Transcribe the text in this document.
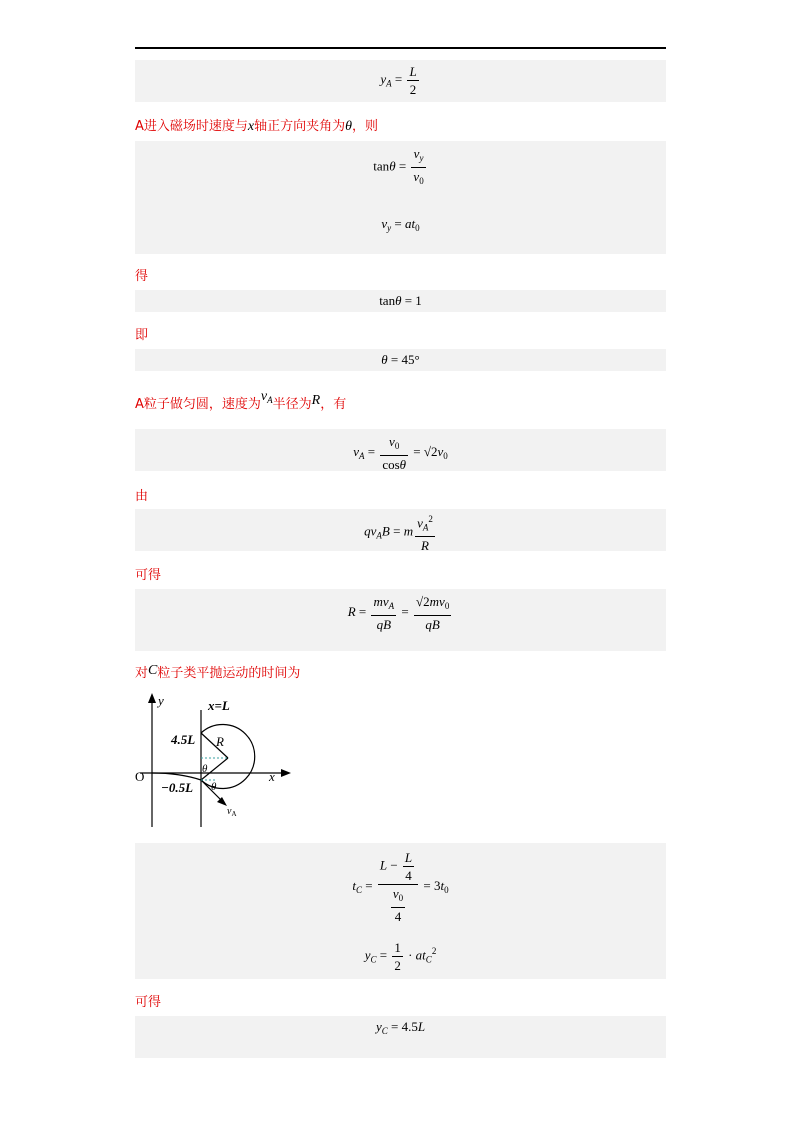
$y_A = \frac{L}{2}$
A进入磁场时速度与x轴正方向夹角为θ，则
$\tan\theta = \frac{v_y}{v_0}$
$v_y = at_0$
得
tanθ = 1
即
θ = 45°
A粒子做匀圆，速度为$v_A$半径为R，有
$v_A = \frac{v_0}{\cos\theta} = √2v_0$
由
$qv_AB = m \frac{v_A^2}{R}$
可得
$R = \frac{mv_A}{qB} = \frac{√2mv_0}{qB}$
对C粒子类平抛运动的时间为
y
x
O
x=L
4.5L
−0.5L
R
θ
θ
$v_A$
$t_C = \frac{L - \frac{L}{4}}{\frac{v_0}{4}} = 3t_0$
$y_C = \frac{1}{2} \cdot at_C^2$
可得
$y_C = 4.5L$
